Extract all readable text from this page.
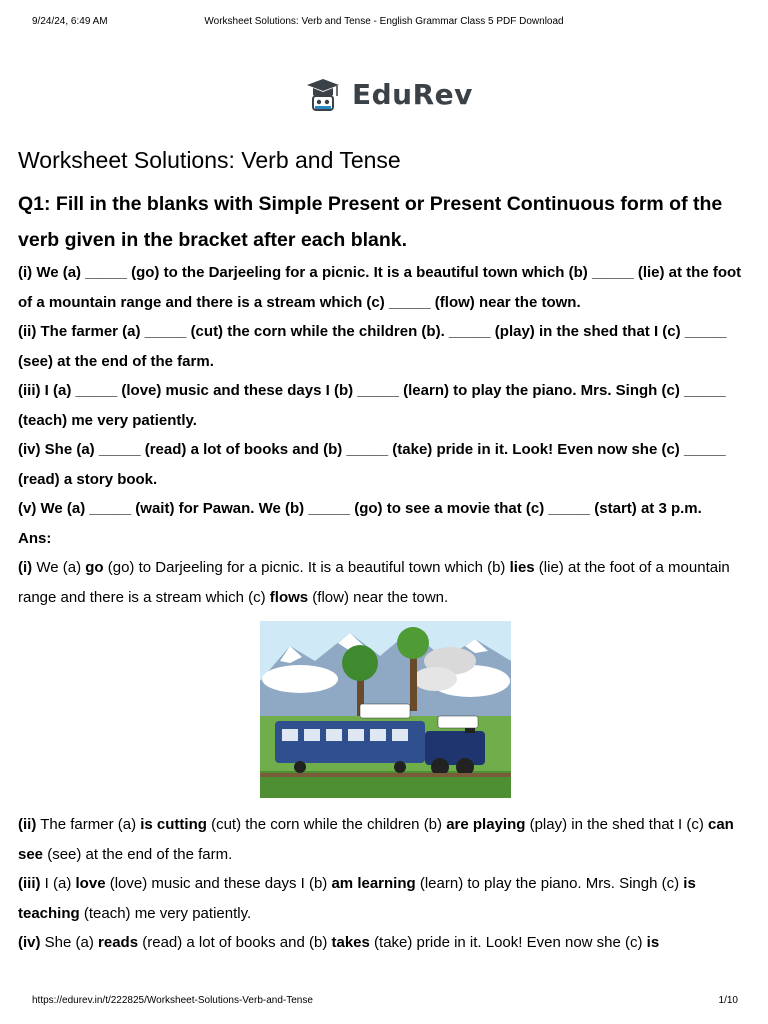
9/24/24, 6:49 AM	Worksheet Solutions: Verb and Tense - English Grammar Class 5 PDF Download
EduRev
Worksheet Solutions: Verb and Tense

Q1: Fill in the blanks with Simple Present or Present Continuous form of the verb given in the bracket after each blank.

(i) We (a) _____ (go) to the Darjeeling for a picnic. It is a beautiful town which (b) _____ (lie) at the foot of a mountain range and there is a stream which (c) _____ (flow) near the town.

(ii) The farmer (a) _____ (cut) the corn while the children (b). _____ (play) in the shed that I (c) _____ (see) at the end of the farm.

(iii) I (a) _____ (love) music and these days I (b) _____ (learn) to play the piano. Mrs. Singh (c) _____ (teach) me very patiently.

(iv) She (a) _____ (read) a lot of books and (b) _____ (take) pride in it. Look! Even now she (c) _____ (read) a story book.

(v) We (a) _____ (wait) for Pawan. We (b) _____ (go) to see a movie that (c) _____ (start) at 3 p.m.

Ans:

(i) We (a) go (go) to Darjeeling for a picnic. It is a beautiful town which (b) lies (lie) at the foot of a mountain range and there is a stream which (c) flows (flow) near the town.

(ii) The farmer (a) is cutting (cut) the corn while the children (b) are playing (play) in the shed that I (c) can see (see) at the end of the farm.

(iii) I (a) love (love) music and these days I (b) am learning (learn) to play the piano. Mrs. Singh (c) is teaching (teach) me very patiently.

(iv) She (a) reads (read) a lot of books and (b) takes (take) pride in it. Look! Even now she (c) is

https://edurev.in/t/222825/Worksheet-Solutions-Verb-and-Tense	1/10
